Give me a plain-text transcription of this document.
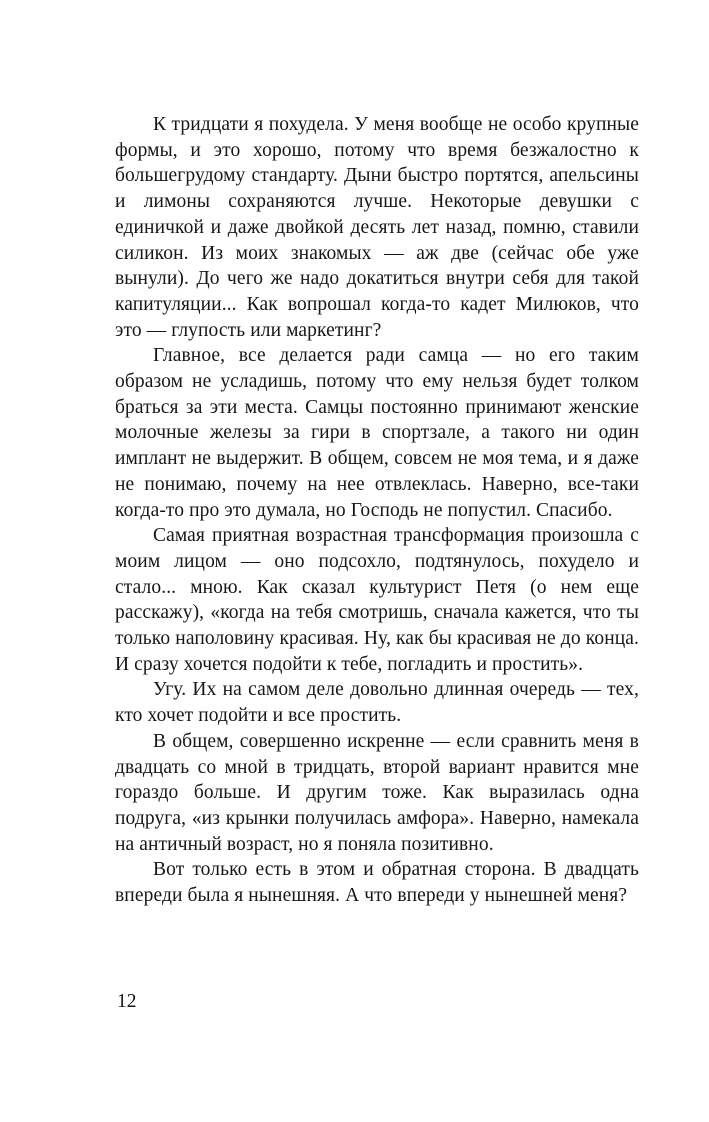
К тридцати я похудела. У меня вообще не особо крупные формы, и это хорошо, потому что время безжалостно к большегрудому стандарту. Дыни быстро портятся, апельсины и лимоны сохраняются лучше. Некоторые девушки с единичкой и даже двойкой десять лет назад, помню, ставили силикон. Из моих знакомых — аж две (сейчас обе уже вынули). До чего же надо докатиться внутри себя для такой капитуляции... Как вопрошал когда-то кадет Милюков, что это — глупость или маркетинг?

Главное, все делается ради самца — но его таким образом не усладишь, потому что ему нельзя будет толком браться за эти места. Самцы постоянно принимают женские молочные железы за гири в спортзале, а такого ни один имплант не выдержит. В общем, совсем не моя тема, и я даже не понимаю, почему на нее отвлеклась. Наверно, все-таки когда-то про это думала, но Господь не попустил. Спасибо.

Самая приятная возрастная трансформация произошла с моим лицом — оно подсохло, подтянулось, похудело и стало... мною. Как сказал культурист Петя (о нем еще расскажу), «когда на тебя смотришь, сначала кажется, что ты только наполовину красивая. Ну, как бы красивая не до конца. И сразу хочется подойти к тебе, погладить и простить».

Угу. Их на самом деле довольно длинная очередь — тех, кто хочет подойти и все простить.

В общем, совершенно искренне — если сравнить меня в двадцать со мной в тридцать, второй вариант нравится мне гораздо больше. И другим тоже. Как выразилась одна подруга, «из крынки получилась амфора». Наверно, намекала на античный возраст, но я поняла позитивно.

Вот только есть в этом и обратная сторона. В двадцать впереди была я нынешняя. А что впереди у нынешней меня?

12
